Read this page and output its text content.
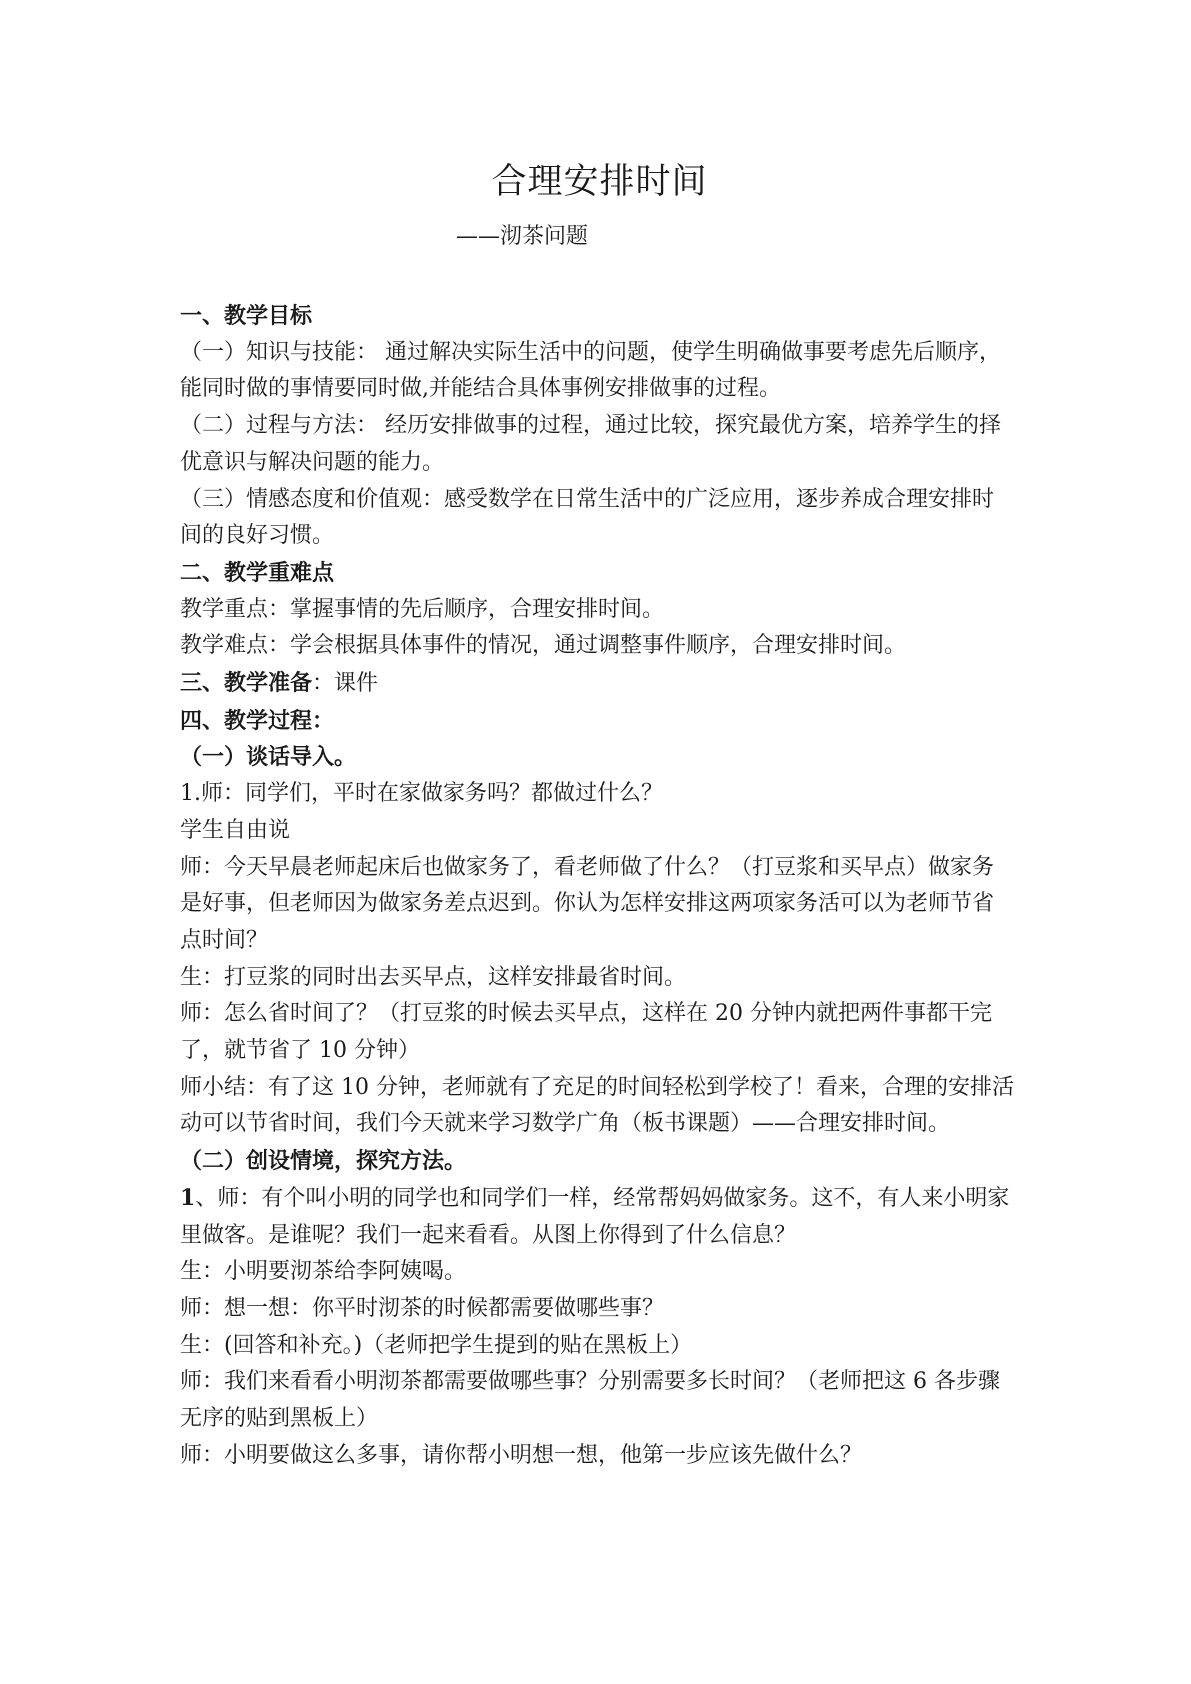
合理安排时间
——沏茶问题

一、教学目标

（一）知识与技能： 通过解决实际生活中的问题，使学生明确做事要考虑先后顺序，能同时做的事情要同时做,并能结合具体事例安排做事的过程。

（二）过程与方法： 经历安排做事的过程，通过比较，探究最优方案，培养学生的择优意识与解决问题的能力。

（三）情感态度和价值观：感受数学在日常生活中的广泛应用，逐步养成合理安排时间的良好习惯。

二、教学重难点

教学重点：掌握事情的先后顺序，合理安排时间。

教学难点：学会根据具体事件的情况，通过调整事件顺序，合理安排时间。

三、教学准备：课件

四、教学过程：

（一）谈话导入。

1.师：同学们，平时在家做家务吗？都做过什么？

学生自由说

师：今天早晨老师起床后也做家务了，看老师做了什么？（打豆浆和买早点）做家务是好事，但老师因为做家务差点迟到。你认为怎样安排这两项家务活可以为老师节省点时间？

生：打豆浆的同时出去买早点，这样安排最省时间。

师：怎么省时间了？（打豆浆的时候去买早点，这样在 20 分钟内就把两件事都干完了，就节省了 10 分钟）

师小结：有了这 10 分钟，老师就有了充足的时间轻松到学校了！看来，合理的安排活动可以节省时间，我们今天就来学习数学广角（板书课题）——合理安排时间。

（二）创设情境，探究方法。

1、师：有个叫小明的同学也和同学们一样，经常帮妈妈做家务。这不，有人来小明家里做客。是谁呢？我们一起来看看。从图上你得到了什么信息？

生：小明要沏茶给李阿姨喝。

师：想一想：你平时沏茶的时候都需要做哪些事？

生：(回答和补充。)（老师把学生提到的贴在黑板上）

师：我们来看看小明沏茶都需要做哪些事？分别需要多长时间？（老师把这 6 各步骤无序的贴到黑板上）

师：小明要做这么多事，请你帮小明想一想，他第一步应该先做什么？
